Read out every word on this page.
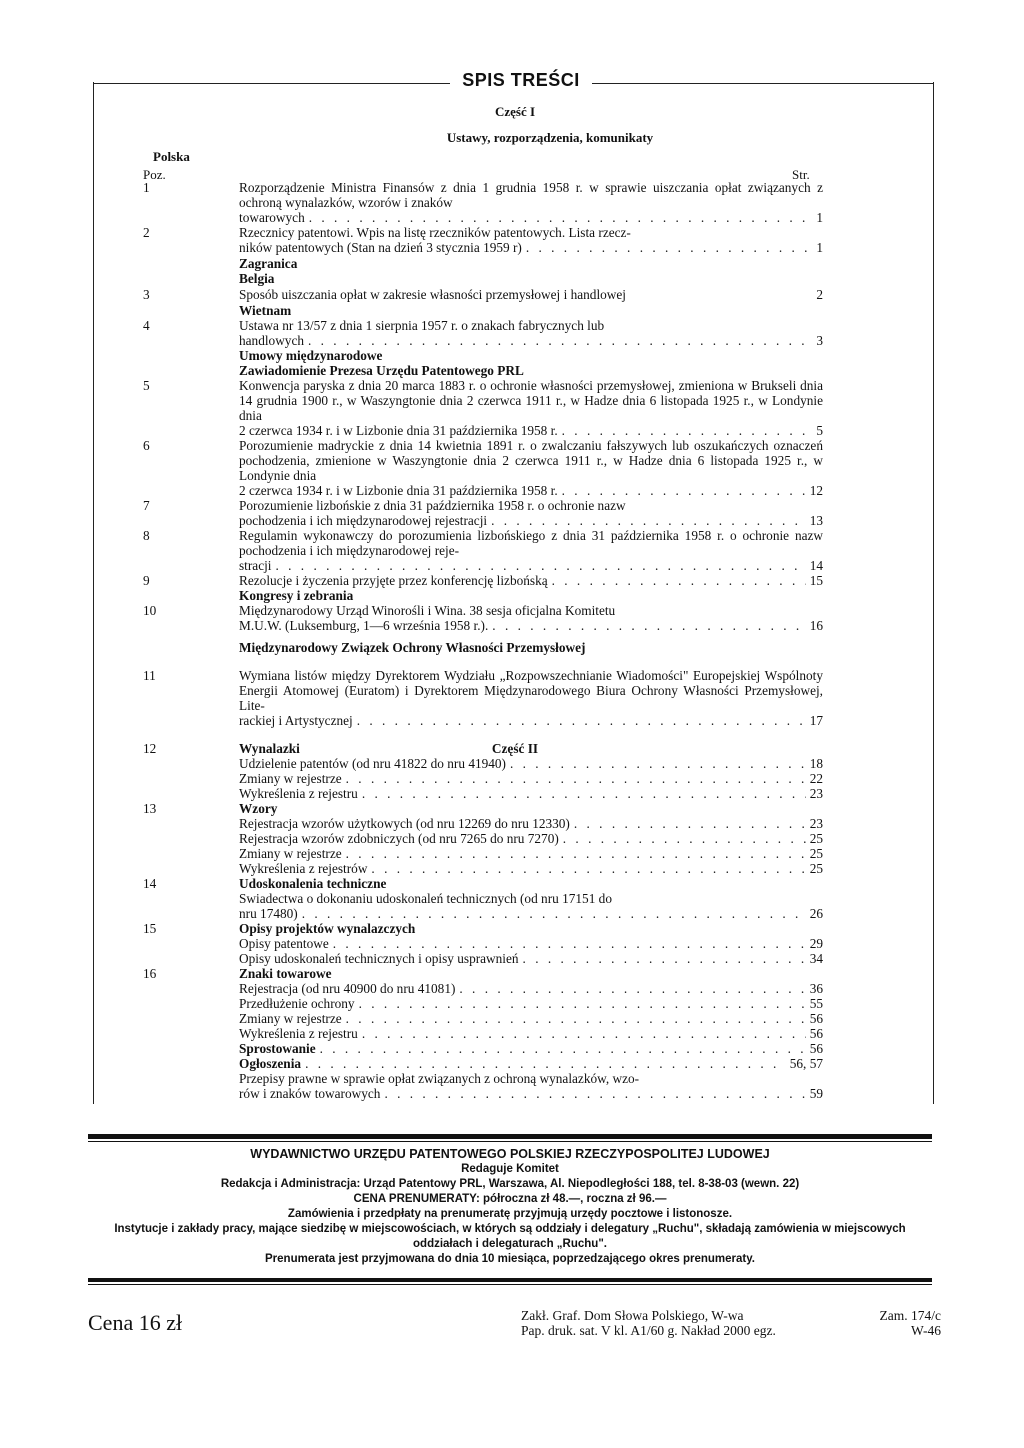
SPIS TREŚCI
Część I
Ustawy, rozporządzenia, komunikaty
Polska
Poz.	Str.
1	Rozporządzenie Ministra Finansów z dnia 1 grudnia 1958 r. w sprawie uiszczania opłat związanych z ochroną wynalazków, wzorów i znaków
towarowych . . .	1
2	Rzecznicy patentowi. Wpis na listę rzeczników patentowych. Lista rzecz-
ników patentowych (Stan na dzień 3 stycznia 1959 r) . . .	1
Zagranica
Belgia
3	Sposób uiszczania opłat w zakresie własności przemysłowej i handlowej	2
Wietnam
4	Ustawa nr 13/57 z dnia 1 sierpnia 1957 r. o znakach fabrycznych lub
handlowych . . .	3
Umowy międzynarodowe
Zawiadomienie Prezesa Urzędu Patentowego PRL
5	Konwencja paryska z dnia 20 marca 1883 r. o ochronie własności przemysłowej, zmieniona w Brukseli dnia 14 grudnia 1900 r., w Waszyngtonie dnia 2 czerwca 1911 r., w Hadze dnia 6 listopada 1925 r., w Londynie dnia
2 czerwca 1934 r. i w Lizbonie dnia 31 października 1958 r. . . .	5
6	Porozumienie madryckie z dnia 14 kwietnia 1891 r. o zwalczaniu fałszywych lub oszukańczych oznaczeń pochodzenia, zmienione w Waszyngtonie dnia 2 czerwca 1911 r., w Hadze dnia 6 listopada 1925 r., w Londynie dnia
2 czerwca 1934 r. i w Lizbonie dnia 31 października 1958 r. . . .	12
7	Porozumienie lizbońskie z dnia 31 października 1958 r. o ochronie nazw
pochodzenia i ich międzynarodowej rejestracji . . .	13
8	Regulamin wykonawczy do porozumienia lizbońskiego z dnia 31 października 1958 r. o ochronie nazw pochodzenia i ich międzynarodowej reje-
stracji . . .	14
9	Rezolucje i życzenia przyjęte przez konferencję lizbońską . . .	15
Kongresy i zebrania
10	Międzynarodowy Urząd Winorośli i Wina. 38 sesja oficjalna Komitetu
M.U.W. (Luksemburg, 1—6 września 1958 r.). . . .	16
Międzynarodowy Związek Ochrony Własności Przemysłowej
11	Wymiana listów między Dyrektorem Wydziału „Rozpowszechnianie Wiadomości" Europejskiej Wspólnoty Energii Atomowej (Euratom) i Dyrektorem Międzynarodowego Biura Ochrony Własności Przemysłowej, Lite-
rackiej i Artystycznej . . .	17
Część II
12	Wynalazki
Udzielenie patentów (od nru 41822 do nru 41940) . . .	18
Zmiany w rejestrze . . .	22
Wykreślenia z rejestru . . .	23
13	Wzory
Rejestracja wzorów użytkowych (od nru 12269 do nru 12330) . . .	23
Rejestracja wzorów zdobniczych (od nru 7265 do nru 7270) . . .	25
Zmiany w rejestrze . . .	25
Wykreślenia z rejestrów . . .	25
14	Udoskonalenia techniczne
Swiadectwa o dokonaniu udoskonaleń technicznych (od nru 17151 do
nru 17480) . . .	26
15	Opisy projektów wynalazczych
Opisy patentowe . . .	29
Opisy udoskonaleń technicznych i opisy usprawnień . . .	34
16	Znaki towarowe
Rejestracja (od nru 40900 do nru 41081) . . .	36
Przedłużenie ochrony . . .	55
Zmiany w rejestrze . . .	56
Wykreślenia z rejestru . . .	56
Sprostowanie . . .	56
Ogłoszenia . . .	56, 57
Przepisy prawne w sprawie opłat związanych z ochroną wynalazków, wzo-
rów i znaków towarowych . . .	59
WYDAWNICTWO URZĘDU PATENTOWEGO POLSKIEJ RZECZYPOSPOLITEJ LUDOWEJ
Redaguje Komitet
Redakcja i Administracja: Urząd Patentowy PRL, Warszawa, Al. Niepodległości 188, tel. 8-38-03 (wewn. 22)
CENA PRENUMERATY: półroczna zł 48.—, roczna zł 96.—
Zamówienia i przedpłaty na prenumeratę przyjmują urzędy pocztowe i listonosze.
Instytucje i zakłady pracy, mające siedzibę w miejscowościach, w których są oddziały i delegatury „Ruchu", składają zamówienia w miejscowych oddziałach i delegaturach „Ruchu".
Prenumerata jest przyjmowana do dnia 10 miesiąca, poprzedzającego okres prenumeraty.
Cena 16 zł	Zakł. Graf. Dom Słowa Polskiego, W-wa	Zam. 174/c
Pap. druk. sat. V kl. A1/60 g. Nakład 2000 egz.	W-46
